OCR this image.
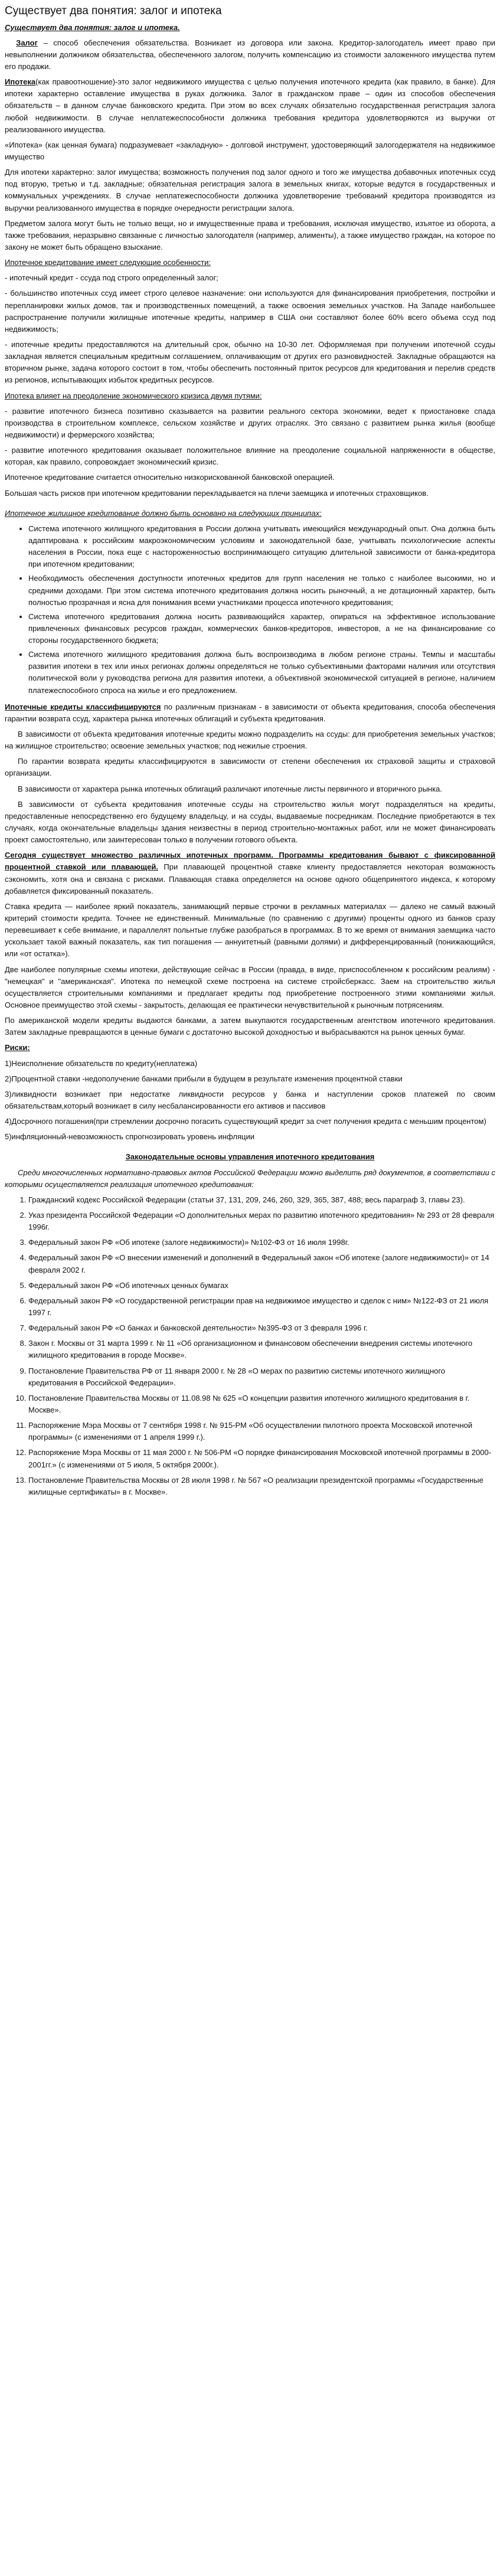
Существует два понятия: залог и ипотека

Существует два понятия: залог и ипотека.

Залог – способ обеспечения обязательства. Возникает из договора или закона. Кредитор-залогодатель имеет право при невыполнении должником обязательства, обеспеченного залогом, получить компенсацию из стоимости заложенного имущества путем его продажи.

Ипотека(как правоотношение)-это залог недвижимого имущества с целью получения ипотечного кредита (как правило, в банке). Для ипотеки характерно оставление имущества в руках должника. Залог в гражданском праве – один из способов обеспечения обязательств – в данном случае банковского кредита. При этом во всех случаях обязательно государственная регистрация залога любой недвижимости. В случае неплатежеспособности должника требования кредитора удовлетворяются из выручки от реализованного имущества.

«Ипотека» (как ценная бумага) подразумевает «закладную» - долговой инструмент, удостоверяющий залогодержателя на недвижимое имущество

Для ипотеки характерно: залог имущества; возможность получения под залог одного и того же имущества добавочных ипотечных ссуд под вторую, третью и т.д. закладные; обязательная регистрация залога в земельных книгах, которые ведутся в государственных и коммунальных учреждениях. В случае неплатежеспособности должника удовлетворение требований кредитора производятся из выручки реализованного имущества в порядке очередности регистрации залога.

Предметом залога могут быть не только вещи, но и имущественные права и требования, исключая имущество, изъятое из оборота, а также требования, неразрывно связанные с личностью залогодателя (например, алименты), а также имущество граждан, на которое по закону не может быть обращено взыскание.

Ипотечное кредитование имеет следующие особенности:

- ипотечный кредит - ссуда под строго определенный залог;

- большинство ипотечных ссуд имеет строго целевое назначение: они используются для финансирования приобретения, постройки и перепланировки жилых домов, так и производственных помещений, а также освоения земельных участков. На Западе наибольшее распространение получили жилищные ипотечные кредиты, например в США они составляют более 60% всего объема ссуд под недвижимость;

- ипотечные кредиты предоставляются на длительный срок, обычно на 10-30 лет. Оформляемая при получении ипотечной ссуды закладная является специальным кредитным соглашением, оплачивающим от других его разновидностей. Закладные обращаются на вторичном рынке, задача которого состоит в том, чтобы обеспечить постоянный приток ресурсов для кредитования и перелив средств из регионов, испытывающих избыток кредитных ресурсов.

Ипотека влияет на преодоление экономического кризиса двумя путями:

- развитие ипотечного бизнеса позитивно сказывается на развитии реального сектора экономики, ведет к приостановке спада производства в строительном комплексе, сельском хозяйстве и других отраслях. Это связано с развитием рынка жилья (вообще недвижимости) и фермерского хозяйства;

- развитие ипотечного кредитования оказывает положительное влияние на преодоление социальной напряженности в обществе, которая, как правило, сопровождает экономический кризис.

Ипотечное кредитование считается относительно низкорискованной банковской операцией.

Большая часть рисков при ипотечном кредитовании перекладывается на плечи заемщика и ипотечных страховщиков.

Ипотечное жилищное кредитование должно быть основано на следующих принципах:

• Система ипотечного жилищного кредитования в России должна учитывать имеющийся международный опыт. Она должна быть адаптирована к российским макроэкономическим условиям и законодательной базе, учитывать психологические аспекты населения в России, пока еще с настороженностью воспринимающего ситуацию длительной зависимости от банка-кредитора при ипотечном кредитовании;
• Необходимость обеспечения доступности ипотечных кредитов для групп населения не только с наиболее высокими, но и средними доходами. При этом система ипотечного кредитования должна носить рыночный, а не дотационный характер, быть полностью прозрачная и ясна для понимания всеми участниками процесса ипотечного кредитования;
• Система ипотечного кредитования должна носить развивающийся характер, опираться на эффективное использование привлеченных финансовых ресурсов граждан, коммерческих банков-кредиторов, инвесторов, а не на финансирование со стороны государственного бюджета;
• Система ипотечного жилищного кредитования должна быть воспроизводима в любом регионе страны. Темпы и масштабы развития ипотеки в тех или иных регионах должны определяться не только субъективными факторами наличия или отсутствия политической воли у руководства региона для развития ипотеки, а объективной экономической ситуацией в регионе, наличием платежеспособного спроса на жилье и его предложением.

Ипотечные кредиты классифицируются по различным признакам - в зависимости от объекта кредитования, способа обеспечения гарантии возврата ссуд, характера рынка ипотечных облигаций и субъекта кредитования.

В зависимости от объекта кредитования ипотечные кредиты можно подразделить на ссуды: для приобретения земельных участков; на жилищное строительство; освоение земельных участков; под нежилые строения.

По гарантии возврата кредиты классифицируются в зависимости от степени обеспечения их страховой защиты и страховой организации.

В зависимости от характера рынка ипотечных облигаций различают ипотечные листы первичного и вторичного рынка.

В зависимости от субъекта кредитования ипотечные ссуды на строительство жилья могут подразделяться на кредиты, предоставленные непосредственно его будущему владельцу, и на ссуды, выдаваемые посредникам. Последние приобретаются в тех случаях, когда окончательные владельцы здания неизвестны в период строительно-монтажных работ, или не может финансировать проект самостоятельно, или заинтересован только в получении готового объекта.

Сегодня существует множество различных ипотечных программ. Программы кредитования бывают с фиксированной процентной ставкой или плавающей. При плавающей процентной ставке клиенту предоставляется некоторая возможность сэкономить, хотя она и связана с рисками. Плавающая ставка определяется на основе одного общепринятого индекса, к которому добавляется фиксированный показатель.

Ставка кредита — наиболее яркий показатель, занимающий первые строчки в рекламных материалах — далеко не самый важный критерий стоимости кредита. Точнее не единственный. Минимальные (по сравнению с другими) проценты одного из банков сразу перевешивает к себе внимание, и параллелят польнтые глубже разобраться в программах. В то же время от внимания заемщика часто ускользает такой важный показатель, как тип погашения — аннуитетный (равными долями) и дифференцированный (понижающийся, или «от остатка»).

Две наиболее популярные схемы ипотеки, действующие сейчас в России (правда, в виде, приспособленном к российским реалиям) - "немецкая" и "американская". Ипотека по немецкой схеме построена на системе стройсберкасс. Заем на строительство жилья осуществляется строительными компаниями и предлагает кредиты под приобретение построенного этими компаниями жилья. Основное преимущество этой схемы - закрытость, делающая ее практически нечувствительной к рыночным потрясениям.

По американской модели кредиты выдаются банками, а затем выкупаются государственным агентством ипотечного кредитования. Затем закладные превращаются в ценные бумаги с достаточно высокой доходностью и выбрасываются на рынок ценных бумаг.

Риски:

1)Неисполнение обязательств по кредиту(неплатежа)

2)Процентной ставки -недополучение банками прибыли в будущем в результате изменения процентной ставки

3)ликвидности возникает при недостатке ликвидности ресурсов у банка и наступлении сроков платежей по своим обязательствам,который возникает в силу несбалансированности его активов и пассивов

4)Досрочного погашения(при стремлении досрочно погасить существующий кредит за счет получения кредита с меньшим процентом)

5)инфляционный-невозможность спрогнозировать уровень инфляции

Законодательные основы управления ипотечного кредитования

Среди многочисленных нормативно-правовых актов Российской Федерации можно выделить ряд документов, в соответствии с которыми осуществляется реализация ипотечного кредитования:

1. Гражданский кодекс Российской Федерации (статьи 37, 131, 209, 246, 260, 329, 365, 387, 488; весь параграф 3, главы 23).
2. Указ президента Российской Федерации «О дополнительных мерах по развитию ипотечного кредитования» № 293 от 28 февраля 1996г.
3. Федеральный закон РФ «Об ипотеке (залоге недвижимости)» №102-ФЗ от 16 июля 1998г.
4. Федеральный закон РФ «О внесении изменений и дополнений в Федеральный закон «Об ипотеке (залоге недвижимости)» от 14 февраля 2002 г.
5. Федеральный закон РФ «Об ипотечных ценных бумагах
6. Федеральный закон РФ «О государственной регистрации прав на недвижимое имущество и сделок с ним» №122-ФЗ от 21 июля 1997 г.
7. Федеральный закон РФ «О банках и банковской деятельности» №395-ФЗ от 3 февраля 1996 г.
8. Закон г. Москвы от 31 марта 1999 г. № 11 «Об организационном и финансовом обеспечении внедрения системы ипотечного жилищного кредитования в городе Москве».
9. Постановление Правительства РФ от 11 января 2000 г. № 28 «О мерах по развитию системы ипотечного жилищного кредитования в Российской Федерации».
10. Постановление Правительства Москвы от 11.08.98 № 625 «О концепции развития ипотечного жилищного кредитования в г. Москве».
11. Распоряжение Мэра Москвы от 7 сентября 1998 г. № 915-РМ «Об осуществлении пилотного проекта Московской ипотечной программы» (с изменениями от 1 апреля 1999 г.).
12. Распоряжение Мэра Москвы от 11 мая 2000 г. № 506-РМ «О порядке финансирования Московской ипотечной программы в 2000-2001гг.» (с изменениями от 5 июля, 5 октября 2000г.).
13. Постановление Правительства Москвы от 28 июля 1998 г. № 567 «О реализации президентской программы «Государственные жилищные сертификаты» в г. Москве».
